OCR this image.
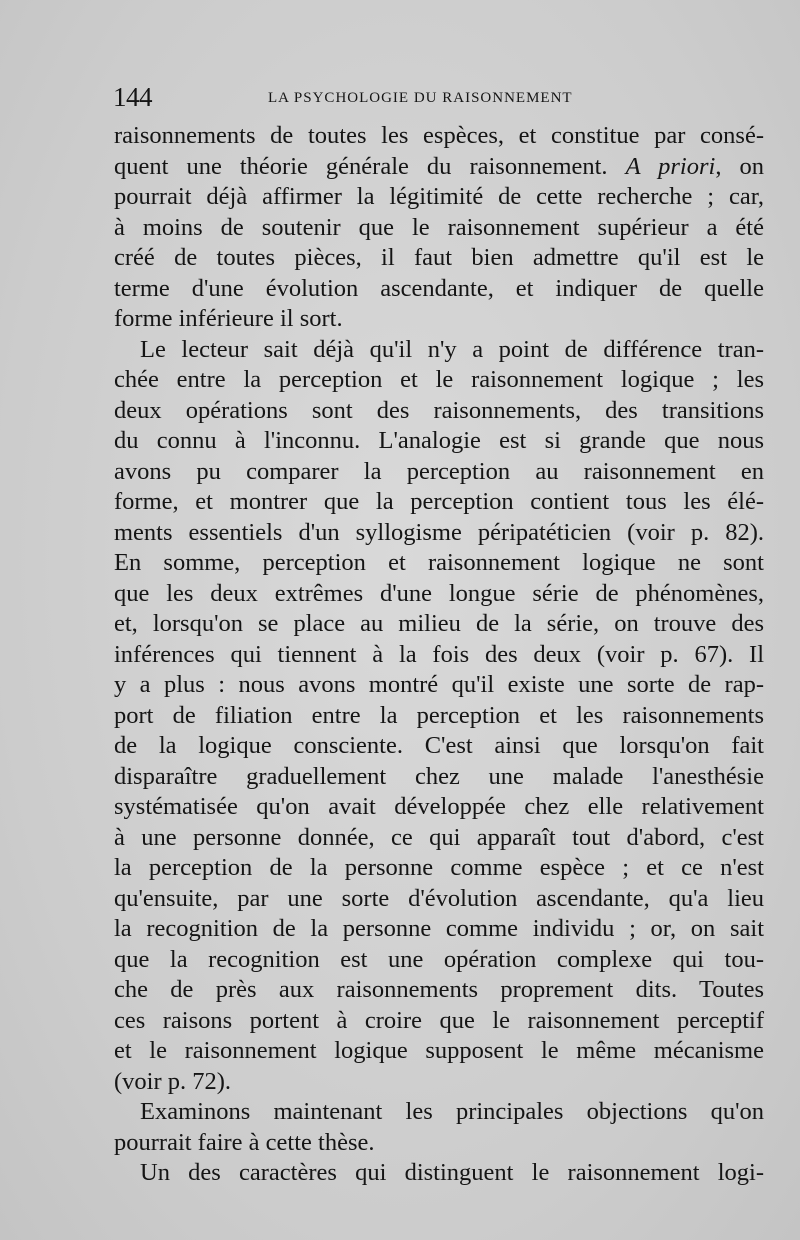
144	LA PSYCHOLOGIE DU RAISONNEMENT
raisonnements de toutes les espèces, et constitue par consé-
quent une théorie générale du raisonnement. A priori, on
pourrait déjà affirmer la légitimité de cette recherche ; car,
à moins de soutenir que le raisonnement supérieur a été
créé de toutes pièces, il faut bien admettre qu'il est le
terme d'une évolution ascendante, et indiquer de quelle
forme inférieure il sort.
Le lecteur sait déjà qu'il n'y a point de différence tran-
chée entre la perception et le raisonnement logique ; les
deux opérations sont des raisonnements, des transitions
du connu à l'inconnu. L'analogie est si grande que nous
avons pu comparer la perception au raisonnement en
forme, et montrer que la perception contient tous les élé-
ments essentiels d'un syllogisme péripatéticien (voir p. 82).
En somme, perception et raisonnement logique ne sont
que les deux extrêmes d'une longue série de phénomènes,
et, lorsqu'on se place au milieu de la série, on trouve des
inférences qui tiennent à la fois des deux (voir p. 67). Il
y a plus : nous avons montré qu'il existe une sorte de rap-
port de filiation entre la perception et les raisonnements
de la logique consciente. C'est ainsi que lorsqu'on fait
disparaître graduellement chez une malade l'anesthésie
systématisée qu'on avait développée chez elle relativement
à une personne donnée, ce qui apparaît tout d'abord, c'est
la perception de la personne comme espèce ; et ce n'est
qu'ensuite, par une sorte d'évolution ascendante, qu'a lieu
la recognition de la personne comme individu ; or, on sait
que la recognition est une opération complexe qui tou-
che de près aux raisonnements proprement dits. Toutes
ces raisons portent à croire que le raisonnement perceptif
et le raisonnement logique supposent le même mécanisme
(voir p. 72).
Examinons maintenant les principales objections qu'on
pourrait faire à cette thèse.
Un des caractères qui distinguent le raisonnement logi-
